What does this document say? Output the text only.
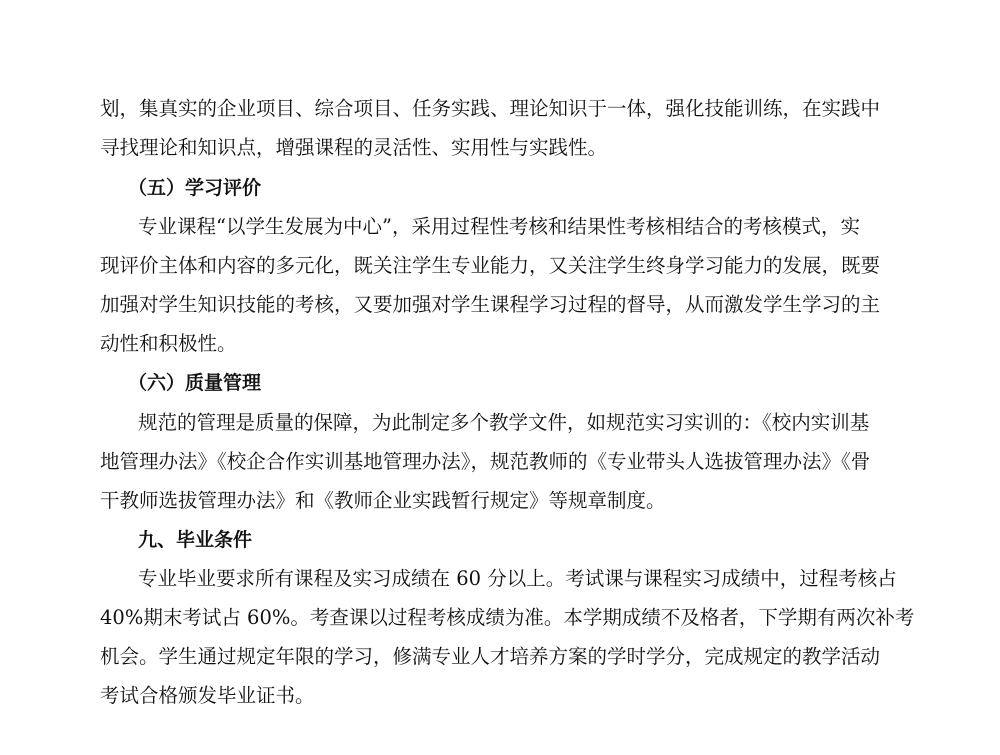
划，集真实的企业项目、综合项目、任务实践、理论知识于一体，强化技能训练，在实践中
寻找理论和知识点，增强课程的灵活性、实用性与实践性。
（五）学习评价
专业课程“以学生发展为中心”，采用过程性考核和结果性考核相结合的考核模式，实
现评价主体和内容的多元化，既关注学生专业能力，又关注学生终身学习能力的发展，既要
加强对学生知识技能的考核，又要加强对学生课程学习过程的督导，从而激发学生学习的主
动性和积极性。
（六）质量管理
规范的管理是质量的保障，为此制定多个教学文件，如规范实习实训的：《校内实训基
地管理办法》《校企合作实训基地管理办法》，规范教师的《专业带头人选拔管理办法》《骨
干教师选拔管理办法》和《教师企业实践暂行规定》等规章制度。
九、毕业条件
专业毕业要求所有课程及实习成绩在 60 分以上。考试课与课程实习成绩中，过程考核占
40%期末考试占 60%。考查课以过程考核成绩为准。本学期成绩不及格者，下学期有两次补考
机会。学生通过规定年限的学习，修满专业人才培养方案的学时学分，完成规定的教学活动
考试合格颁发毕业证书。
